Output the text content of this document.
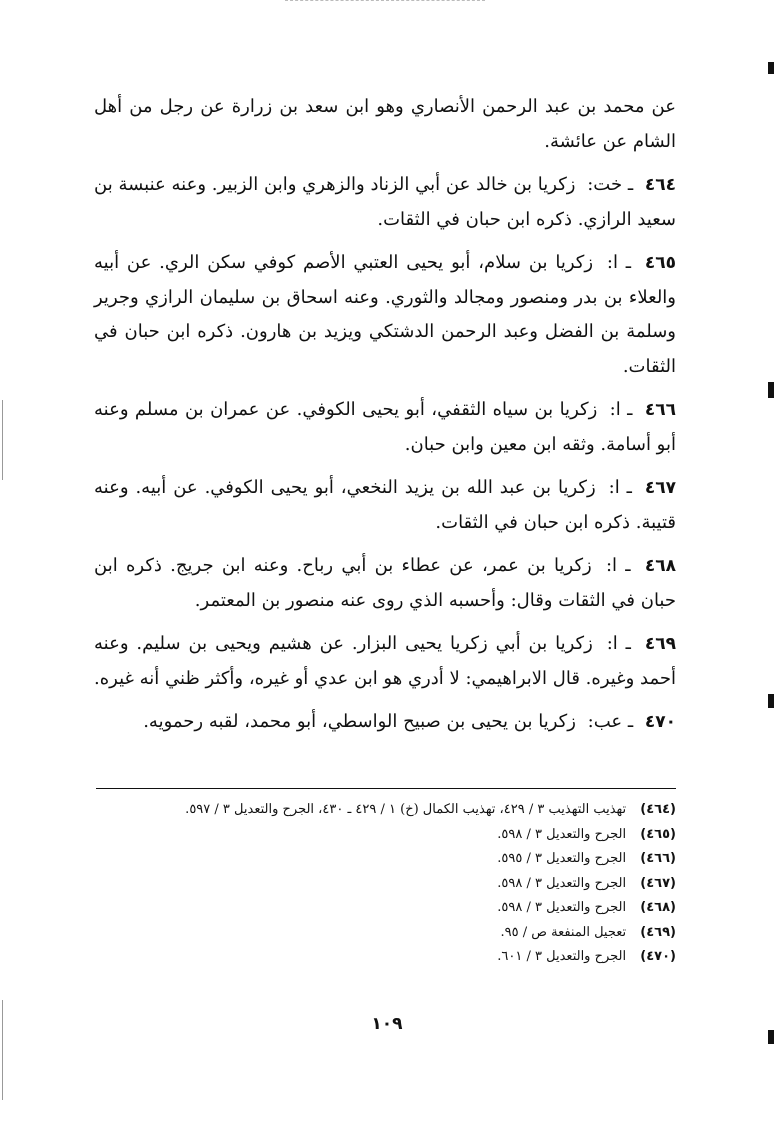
عن محمد بن عبد الرحمن الأنصاري وهو ابن سعد بن زرارة عن رجل من أهل الشام عن عائشة.

٤٦٤ ـ خت: زكريا بن خالد عن أبي الزناد والزهري وابن الزبير. وعنه عنبسة بن سعيد الرازي. ذكره ابن حبان في الثقات.

٤٦٥ ـ ا: زكريا بن سلام، أبو يحيى العتبي الأصم كوفي سكن الري. عن أبيه والعلاء بن بدر ومنصور ومجالد والثوري. وعنه اسحاق بن سليمان الرازي وجرير وسلمة بن الفضل وعبد الرحمن الدشتكي ويزيد بن هارون. ذكره ابن حبان في الثقات.

٤٦٦ ـ ا: زكريا بن سياه الثقفي، أبو يحيى الكوفي. عن عمران بن مسلم وعنه أبو أسامة. وثقه ابن معين وابن حبان.

٤٦٧ ـ ا: زكريا بن عبد الله بن يزيد النخعي، أبو يحيى الكوفي. عن أبيه. وعنه قتيبة. ذكره ابن حبان في الثقات.

٤٦٨ ـ ا: زكريا بن عمر، عن عطاء بن أبي رباح. وعنه ابن جريج. ذكره ابن حبان في الثقات وقال: وأحسبه الذي روى عنه منصور بن المعتمر.

٤٦٩ ـ ا: زكريا بن أبي زكريا يحيى البزار. عن هشيم ويحيى بن سليم. وعنه أحمد وغيره. قال الابراهيمي: لا أدري هو ابن عدي أو غيره، وأكثر ظني أنه غيره.

٤٧٠ ـ عب: زكريا بن يحيى بن صبيح الواسطي، أبو محمد، لقبه رحمويه.

(٤٦٤) تهذيب التهذيب ٣ / ٤٢٩، تهذيب الكمال (خ) ١ / ٤٢٩ ـ ٤٣٠، الجرح والتعديل ٣ / ٥٩٧.
(٤٦٥) الجرح والتعديل ٣ / ٥٩٨.
(٤٦٦) الجرح والتعديل ٣ / ٥٩٥.
(٤٦٧) الجرح والتعديل ٣ / ٥٩٨.
(٤٦٨) الجرح والتعديل ٣ / ٥٩٨.
(٤٦٩) تعجيل المنفعة ص / ٩٥.
(٤٧٠) الجرح والتعديل ٣ / ٦٠١.
١٠٩
